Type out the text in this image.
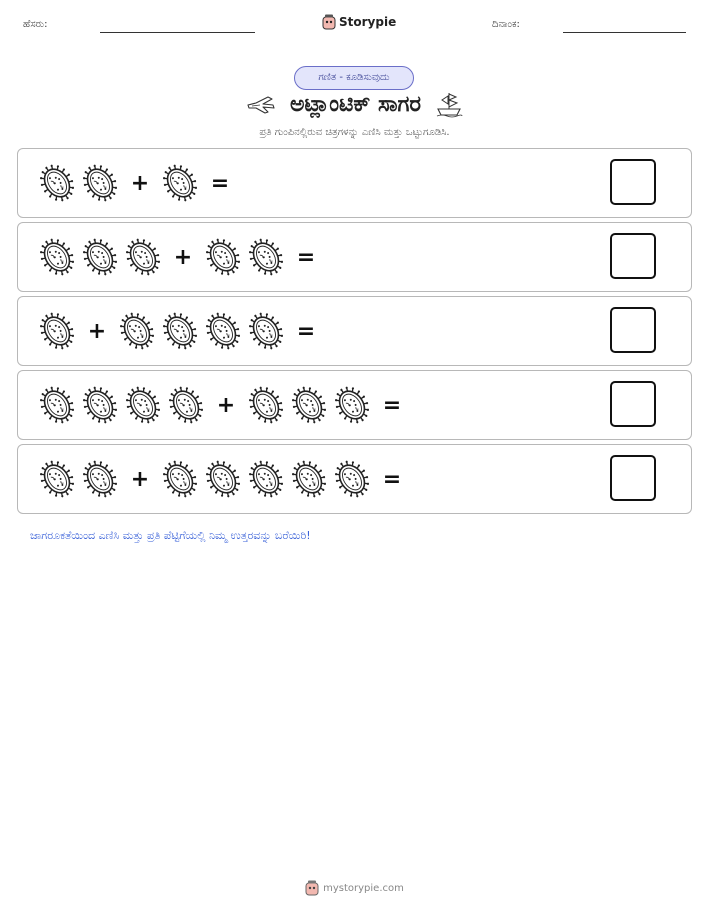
ಹೆಸರು:	Storypie	ದಿನಾಂಕ:
ಗಣಿತ - ಕೂಡಿಸುವುದು
ಅಟ್ಲಾಂಟಿಕ್ ಸಾಗರ
ಪ್ರತಿ ಗುಂಪಿನಲ್ಲಿರುವ ಚಿತ್ರಗಳನ್ನು ಎಣಿಸಿ ಮತ್ತು ಒಟ್ಟುಗೂಡಿಸಿ.
+	=
+	=
+	=
+	=
+	=
ಜಾಗರೂಕತೆಯಿಂದ ಎಣಿಸಿ ಮತ್ತು ಪ್ರತಿ ಪೆಟ್ಟಿಗೆಯಲ್ಲಿ ನಿಮ್ಮ ಉತ್ತರವನ್ನು ಬರೆಯಿರಿ!
mystorypie.com
